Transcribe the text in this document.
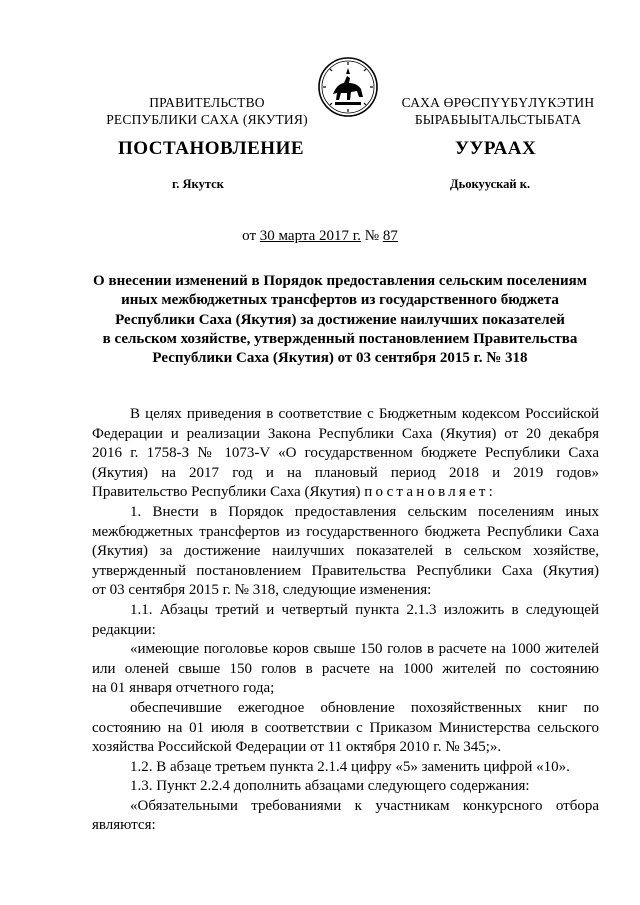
ПРАВИТЕЛЬСТВО
РЕСПУБЛИКИ САХА (ЯКУТИЯ)
САХА ӨРӨСПҮҮБҮЛҮКЭТИН
БЫРАБЫЫТАЛЬСТЫБАТА
ПОСТАНОВЛЕНИЕ	УУРААХ
г. Якутск	Дьокуускай к.
от 30 марта 2017 г. № 87
О внесении изменений в Порядок предоставления сельским поселениям
иных межбюджетных трансфертов из государственного бюджета
Республики Саха (Якутия) за достижение наилучших показателей
в сельском хозяйстве, утвержденный постановлением Правительства
Республики Саха (Якутия) от 03 сентября 2015 г. № 318
В целях приведения в соответствие с Бюджетным кодексом Российской
Федерации и реализации Закона Республики Саха (Якутия) от 20 декабря
2016 г. 1758-З № 1073-V «О государственном бюджете Республики Саха
(Якутия) на 2017 год и на плановый период 2018 и 2019 годов»
Правительство Республики Саха (Якутия) постановляет:
1. Внести в Порядок предоставления сельским поселениям иных
межбюджетных трансфертов из государственного бюджета Республики Саха
(Якутия) за достижение наилучших показателей в сельском хозяйстве,
утвержденный постановлением Правительства Республики Саха (Якутия)
от 03 сентября 2015 г. № 318, следующие изменения:
1.1. Абзацы третий и четвертый пункта 2.1.3 изложить в следующей
редакции:
«имеющие поголовье коров свыше 150 голов в расчете на 1000 жителей
или оленей свыше 150 голов в расчете на 1000 жителей по состоянию
на 01 января отчетного года;
обеспечившие ежегодное обновление похозяйственных книг по
состоянию на 01 июля в соответствии с Приказом Министерства сельского
хозяйства Российской Федерации от 11 октября 2010 г. № 345;».
1.2. В абзаце третьем пункта 2.1.4 цифру «5» заменить цифрой «10».
1.3. Пункт 2.2.4 дополнить абзацами следующего содержания:
«Обязательными требованиями к участникам конкурсного отбора
являются:
